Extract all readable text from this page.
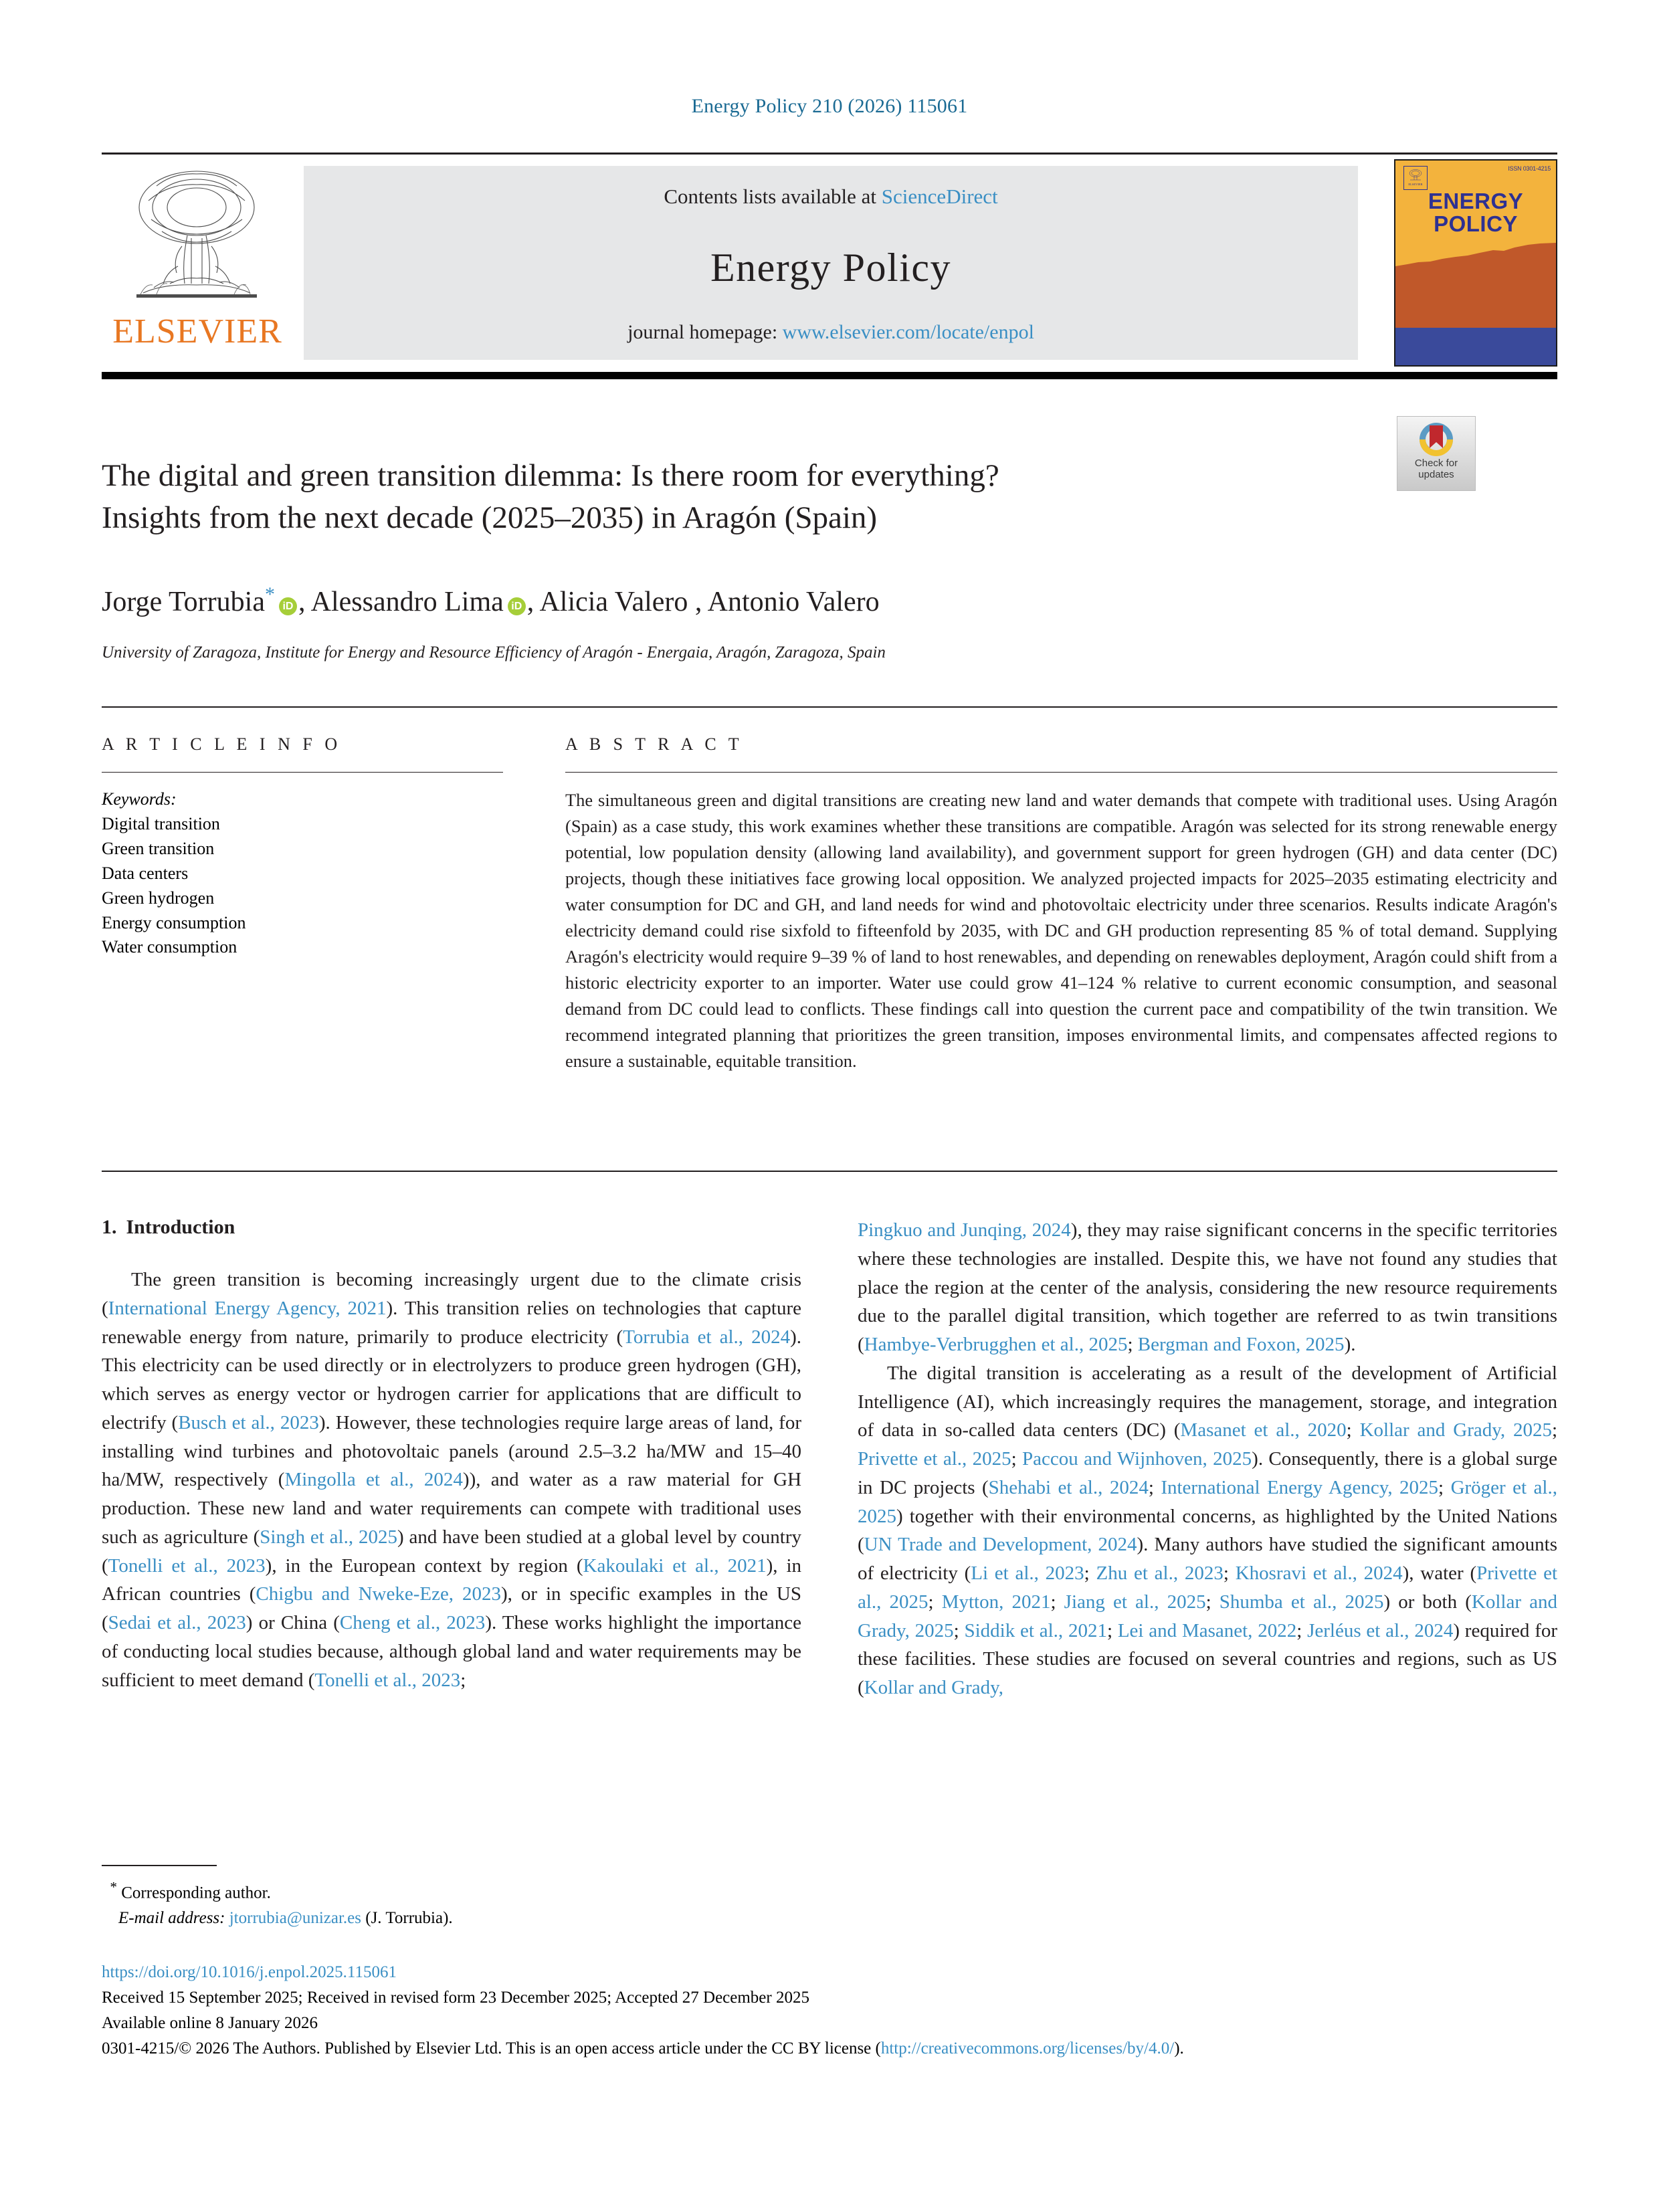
Energy Policy 210 (2026) 115061
ELSEVIER
Contents lists available at ScienceDirect
Energy Policy
journal homepage: www.elsevier.com/locate/enpol
ISSN 0301-4215
ELSEVIER
ENERGY
POLICY
Check for
updates
The digital and green transition dilemma: Is there room for everything?
Insights from the next decade (2025–2035) in Aragón (Spain)
Jorge Torrubia*iD , Alessandro Lima iD , Alicia Valero , Antonio Valero
University of Zaragoza, Institute for Energy and Resource Efficiency of Aragón - Energaia, Aragón, Zaragoza, Spain
A R T I C L E I N F O
Keywords:
Digital transition
Green transition
Data centers
Green hydrogen
Energy consumption
Water consumption
A B S T R A C T
The simultaneous green and digital transitions are creating new land and water demands that compete with traditional uses. Using Aragón (Spain) as a case study, this work examines whether these transitions are compatible. Aragón was selected for its strong renewable energy potential, low population density (allowing land availability), and government support for green hydrogen (GH) and data center (DC) projects, though these initiatives face growing local opposition. We analyzed projected impacts for 2025–2035 estimating electricity and water consumption for DC and GH, and land needs for wind and photovoltaic electricity under three scenarios. Results indicate Aragón's electricity demand could rise sixfold to fifteenfold by 2035, with DC and GH production representing 85 % of total demand. Supplying Aragón's electricity would require 9–39 % of land to host renewables, and depending on renewables deployment, Aragón could shift from a historic electricity exporter to an importer. Water use could grow 41–124 % relative to current economic consumption, and seasonal demand from DC could lead to conflicts. These findings call into question the current pace and compatibility of the twin transition. We recommend integrated planning that prioritizes the green transition, imposes environmental limits, and compensates affected regions to ensure a sustainable, equitable transition.
1. Introduction

The green transition is becoming increasingly urgent due to the climate crisis (International Energy Agency, 2021). This transition relies on technologies that capture renewable energy from nature, primarily to produce electricity (Torrubia et al., 2024). This electricity can be used directly or in electrolyzers to produce green hydrogen (GH), which serves as energy vector or hydrogen carrier for applications that are difficult to electrify (Busch et al., 2023). However, these technologies require large areas of land, for installing wind turbines and photovoltaic panels (around 2.5–3.2 ha/MW and 15–40 ha/MW, respectively (Mingolla et al., 2024)), and water as a raw material for GH production. These new land and water requirements can compete with traditional uses such as agriculture (Singh et al., 2025) and have been studied at a global level by country (Tonelli et al., 2023), in the European context by region (Kakoulaki et al., 2021), in African countries (Chigbu and Nweke-Eze, 2023), or in specific examples in the US (Sedai et al., 2023) or China (Cheng et al., 2023). These works highlight the importance of conducting local studies because, although global land and water requirements may be sufficient to meet demand (Tonelli et al., 2023;

Pingkuo and Junqing, 2024), they may raise significant concerns in the specific territories where these technologies are installed. Despite this, we have not found any studies that place the region at the center of the analysis, considering the new resource requirements due to the parallel digital transition, which together are referred to as twin transitions (Hambye-Verbrugghen et al., 2025; Bergman and Foxon, 2025).

The digital transition is accelerating as a result of the development of Artificial Intelligence (AI), which increasingly requires the management, storage, and integration of data in so-called data centers (DC) (Masanet et al., 2020; Kollar and Grady, 2025; Privette et al., 2025; Paccou and Wijnhoven, 2025). Consequently, there is a global surge in DC projects (Shehabi et al., 2024; International Energy Agency, 2025; Gröger et al., 2025) together with their environmental concerns, as highlighted by the United Nations (UN Trade and Development, 2024). Many authors have studied the significant amounts of electricity (Li et al., 2023; Zhu et al., 2023; Khosravi et al., 2024), water (Privette et al., 2025; Mytton, 2021; Jiang et al., 2025; Shumba et al., 2025) or both (Kollar and Grady, 2025; Siddik et al., 2021; Lei and Masanet, 2022; Jerléus et al., 2024) required for these facilities. These studies are focused on several countries and regions, such as US (Kollar and Grady,

* Corresponding author.
E-mail address: jtorrubia@unizar.es (J. Torrubia).
https://doi.org/10.1016/j.enpol.2025.115061
Received 15 September 2025; Received in revised form 23 December 2025; Accepted 27 December 2025
Available online 8 January 2026
0301-4215/© 2026 The Authors. Published by Elsevier Ltd. This is an open access article under the CC BY license (http://creativecommons.org/licenses/by/4.0/).
